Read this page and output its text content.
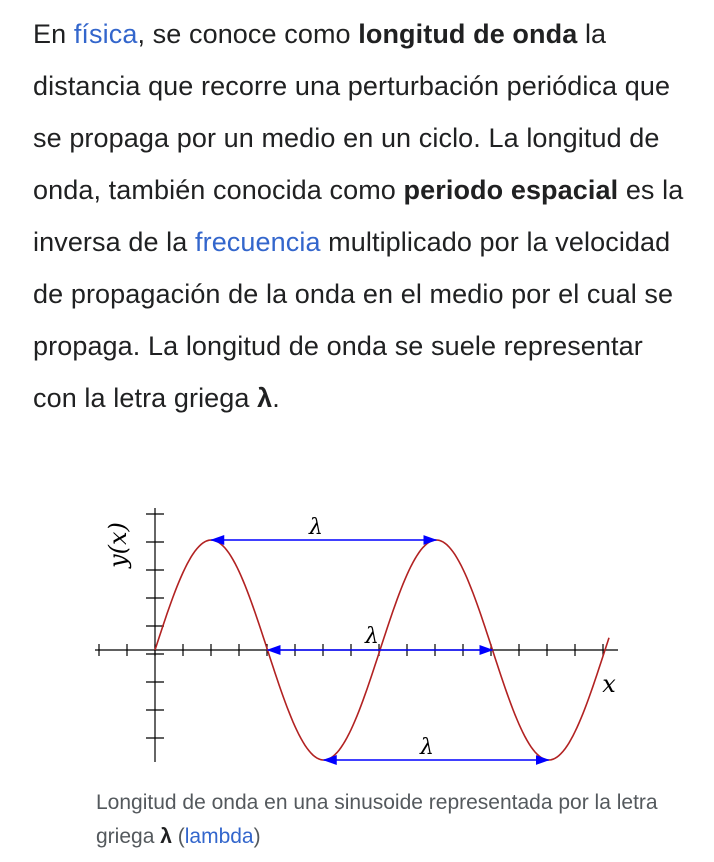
En física, se conoce como longitud de onda la distancia que recorre una perturbación periódica que se propaga por un medio en un ciclo. La longitud de onda, también conocida como periodo espacial es la inversa de la frecuencia multiplicado por la velocidad de propagación de la onda en el medio por el cual se propaga. La longitud de onda se suele representar con la letra griega λ.

y(x)
x
λ
λ
λ

Longitud de onda en una sinusoide representada por la letra griega λ (lambda)
